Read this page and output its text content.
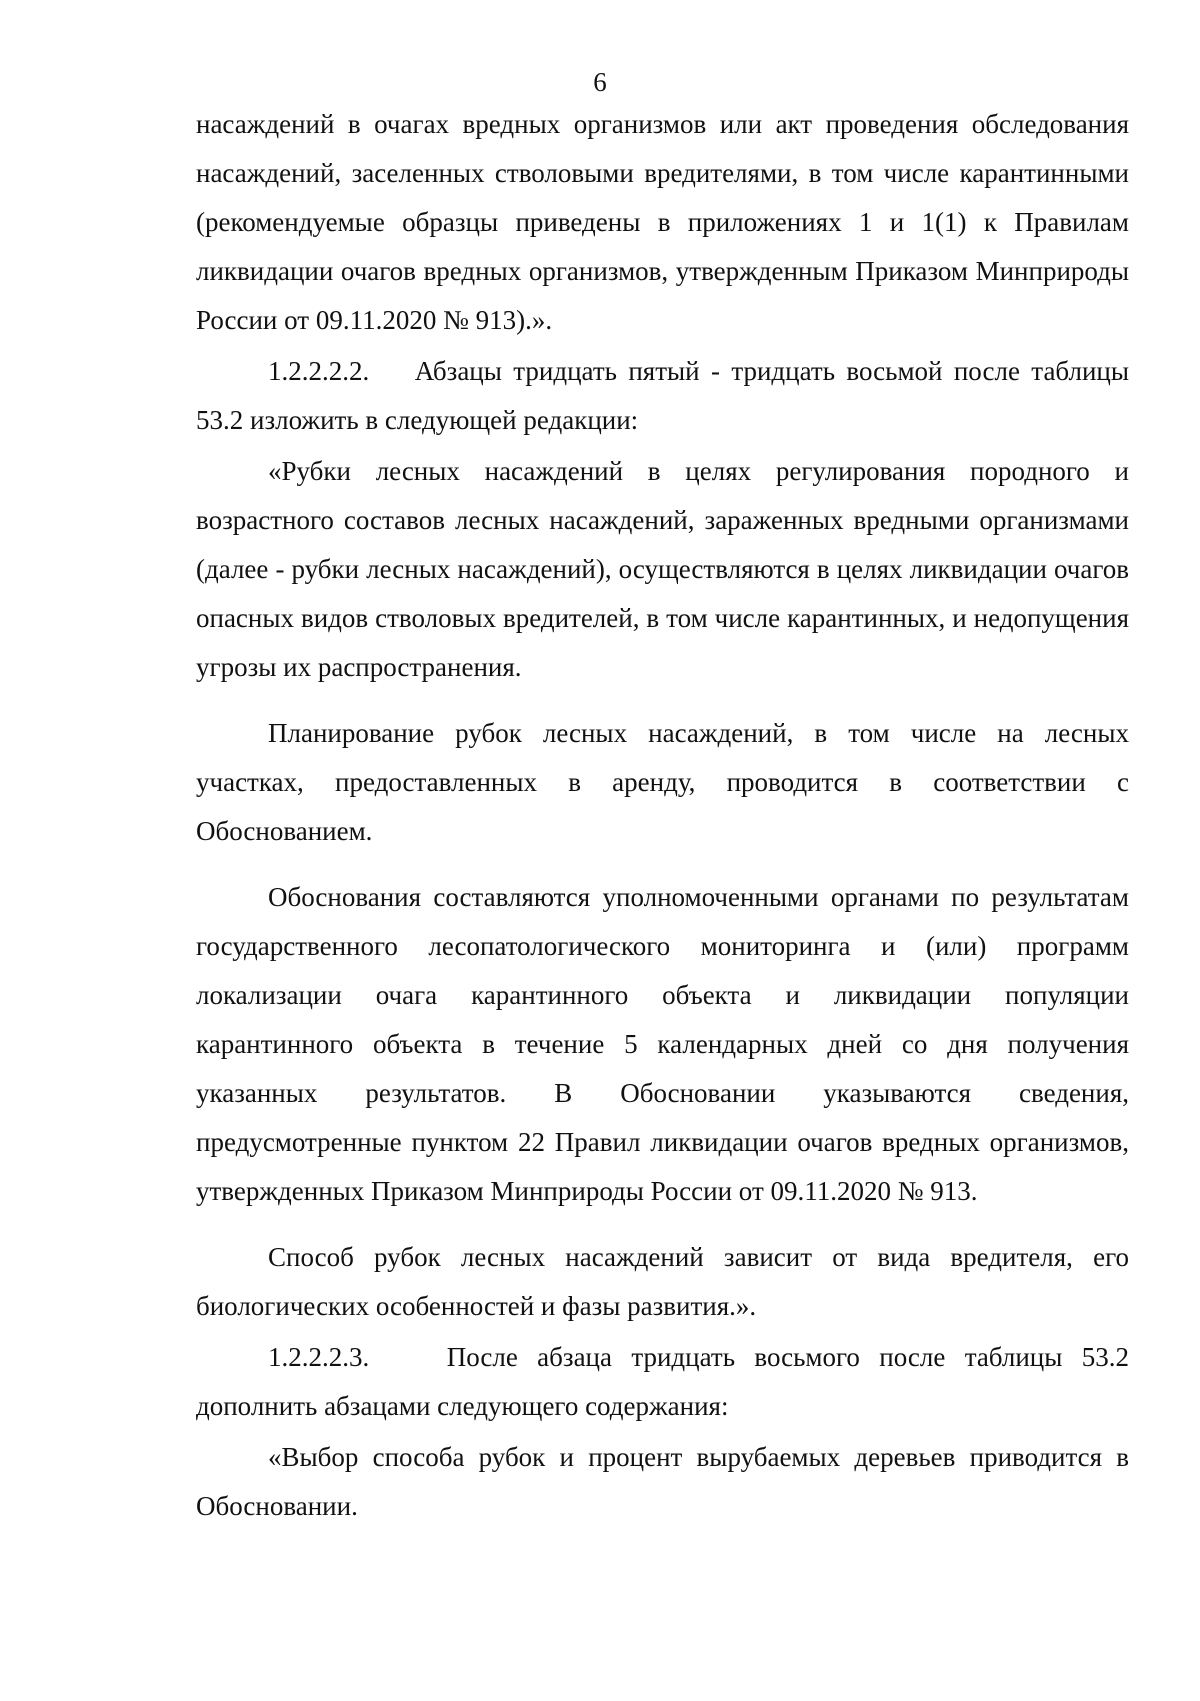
6

насаждений в очагах вредных организмов или акт проведения обследования насаждений, заселенных стволовыми вредителями, в том числе карантинными (рекомендуемые образцы приведены в приложениях 1 и 1(1) к Правилам ликвидации очагов вредных организмов, утвержденным Приказом Минприроды России от 09.11.2020 № 913).».

1.2.2.2.2.    Абзацы тридцать пятый - тридцать восьмой после таблицы 53.2 изложить в следующей редакции:

«Рубки лесных насаждений в целях регулирования породного и возрастного составов лесных насаждений, зараженных вредными организмами (далее - рубки лесных насаждений), осуществляются в целях ликвидации очагов опасных видов стволовых вредителей, в том числе карантинных, и недопущения угрозы их распространения.

Планирование рубок лесных насаждений, в том числе на лесных участках, предоставленных в аренду, проводится в соответствии с Обоснованием.

Обоснования составляются уполномоченными органами по результатам государственного лесопатологического мониторинга и (или) программ локализации очага карантинного объекта и ликвидации популяции карантинного объекта в течение 5 календарных дней со дня получения указанных результатов. В Обосновании указываются сведения, предусмотренные пунктом 22 Правил ликвидации очагов вредных организмов, утвержденных Приказом Минприроды России от 09.11.2020 № 913.

Способ рубок лесных насаждений зависит от вида вредителя, его биологических особенностей и фазы развития.».

1.2.2.2.3.    После абзаца тридцать восьмого после таблицы 53.2 дополнить абзацами следующего содержания:

«Выбор способа рубок и процент вырубаемых деревьев приводится в Обосновании.
